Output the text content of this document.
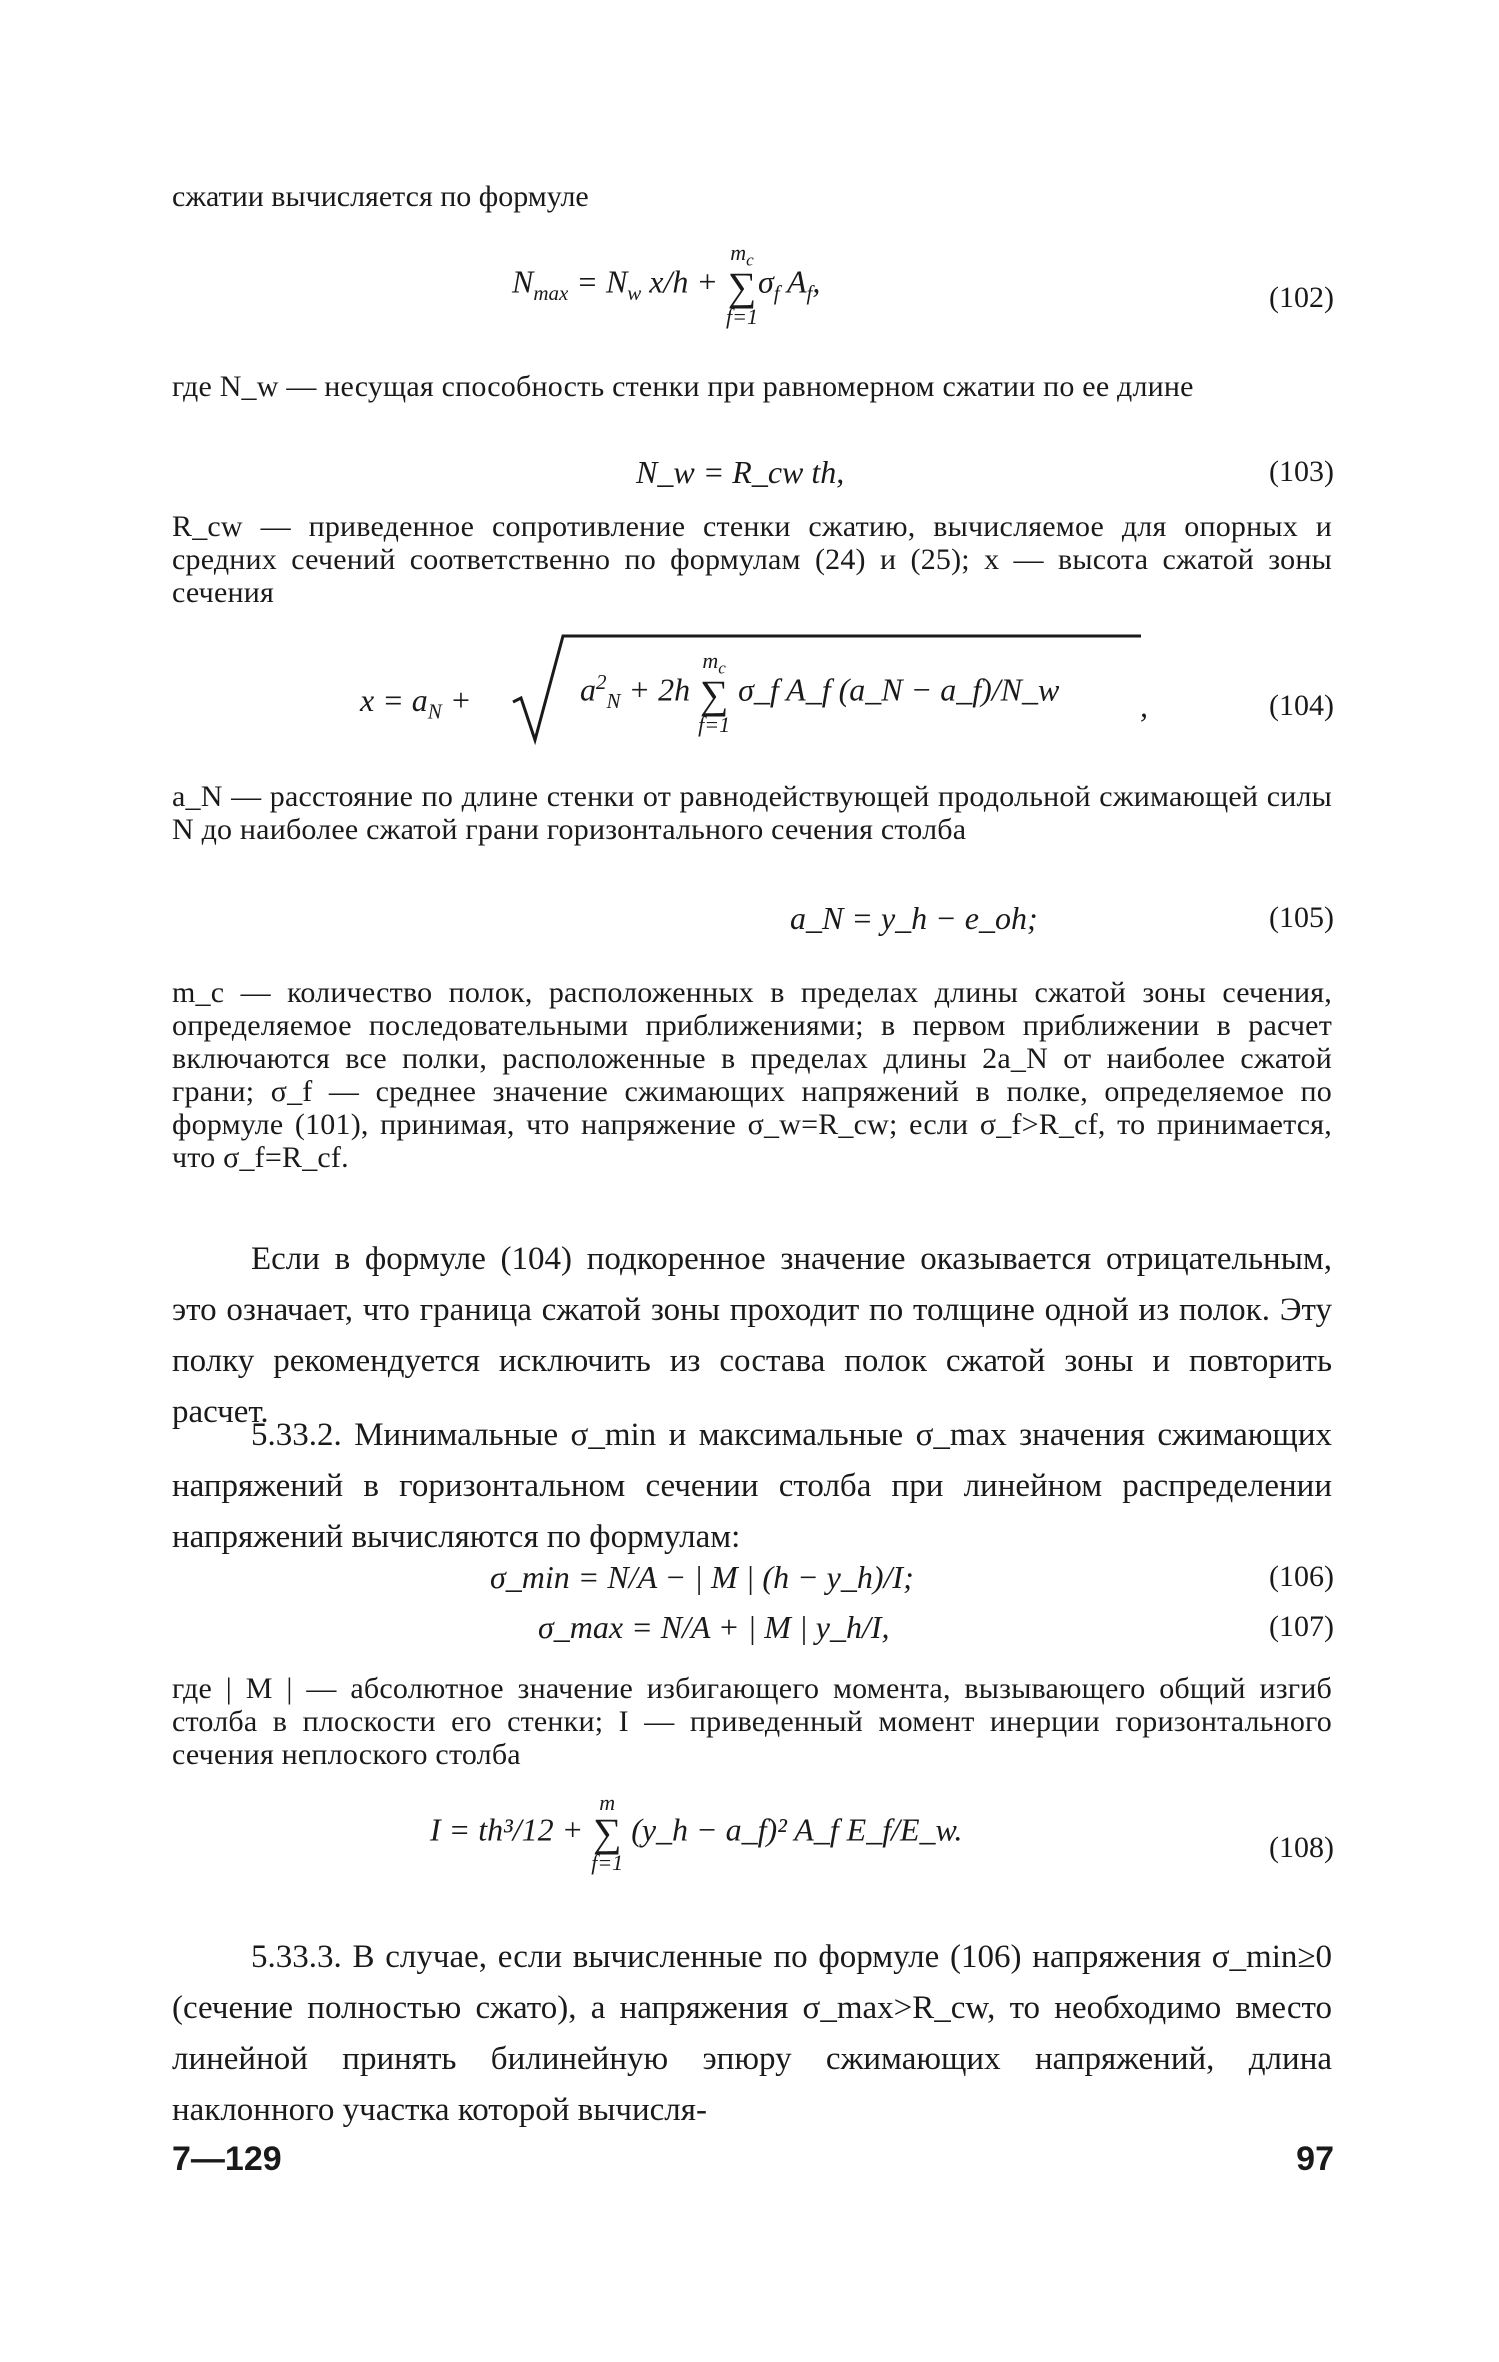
сжатии вычисляется по формуле
$N_{max} = N_w$ x/h +
$m_c$
∑
f=1
$\sigma_f$ $A_f$,	(102)
где N_w — несущая способность стенки при равномерном сжатии по ее длине
N_w = R_cw th,	(103)
R_cw — приведенное сопротивление стенки сжатию, вычисляемое для опорных и средних сечений соответственно по формулам (24) и (25); x — высота сжатой зоны сечения
$x = a_N$ +	$a^2_N + 2h$
$m_c$
∑
f=1
σ_f A_f (a_N − a_f)/N_w	,	(104)
a_N — расстояние по длине стенки от равнодействующей продольной сжимающей силы N до наиболее сжатой грани горизонтального сечения столба
a_N = y_h − e_oh;	(105)
m_c — количество полок, расположенных в пределах длины сжатой зоны сечения, определяемое последовательными приближениями; в первом приближении в расчет включаются все полки, расположенные в пределах длины 2a_N от наиболее сжатой грани; σ_f — среднее значение сжимающих напряжений в полке, определяемое по формуле (101), принимая, что напряжение σ_w=R_cw; если σ_f>R_cf, то принимается, что σ_f=R_cf.
Если в формуле (104) подкоренное значение оказывается отрицательным, это означает, что граница сжатой зоны проходит по толщине одной из полок. Эту полку рекомендуется исключить из состава полок сжатой зоны и повторить расчет.
5.33.2. Минимальные σ_min и максимальные σ_max значения сжимающих напряжений в горизонтальном сечении столба при линейном распределении напряжений вычисляются по формулам:
σ_min = N/A − | M | (h − y_h)/I;	(106)
σ_max = N/A + | M | y_h/I,	(107)
где | M | — абсолютное значение избигающего момента, вызывающего общий изгиб столба в плоскости его стенки; I — приведенный момент инерции горизонтального сечения неплоского столба
I = th³/12 +
m
∑
f=1
(y_h − a_f)² A_f E_f/E_w.
(108)
5.33.3. В случае, если вычисленные по формуле (106) напряжения σ_min≥0 (сечение полностью сжато), а напряжения σ_max>R_cw, то необходимо вместо линейной принять билинейную эпюру сжимающих напряжений, длина наклонного участка которой вычисля-
7—129	97
